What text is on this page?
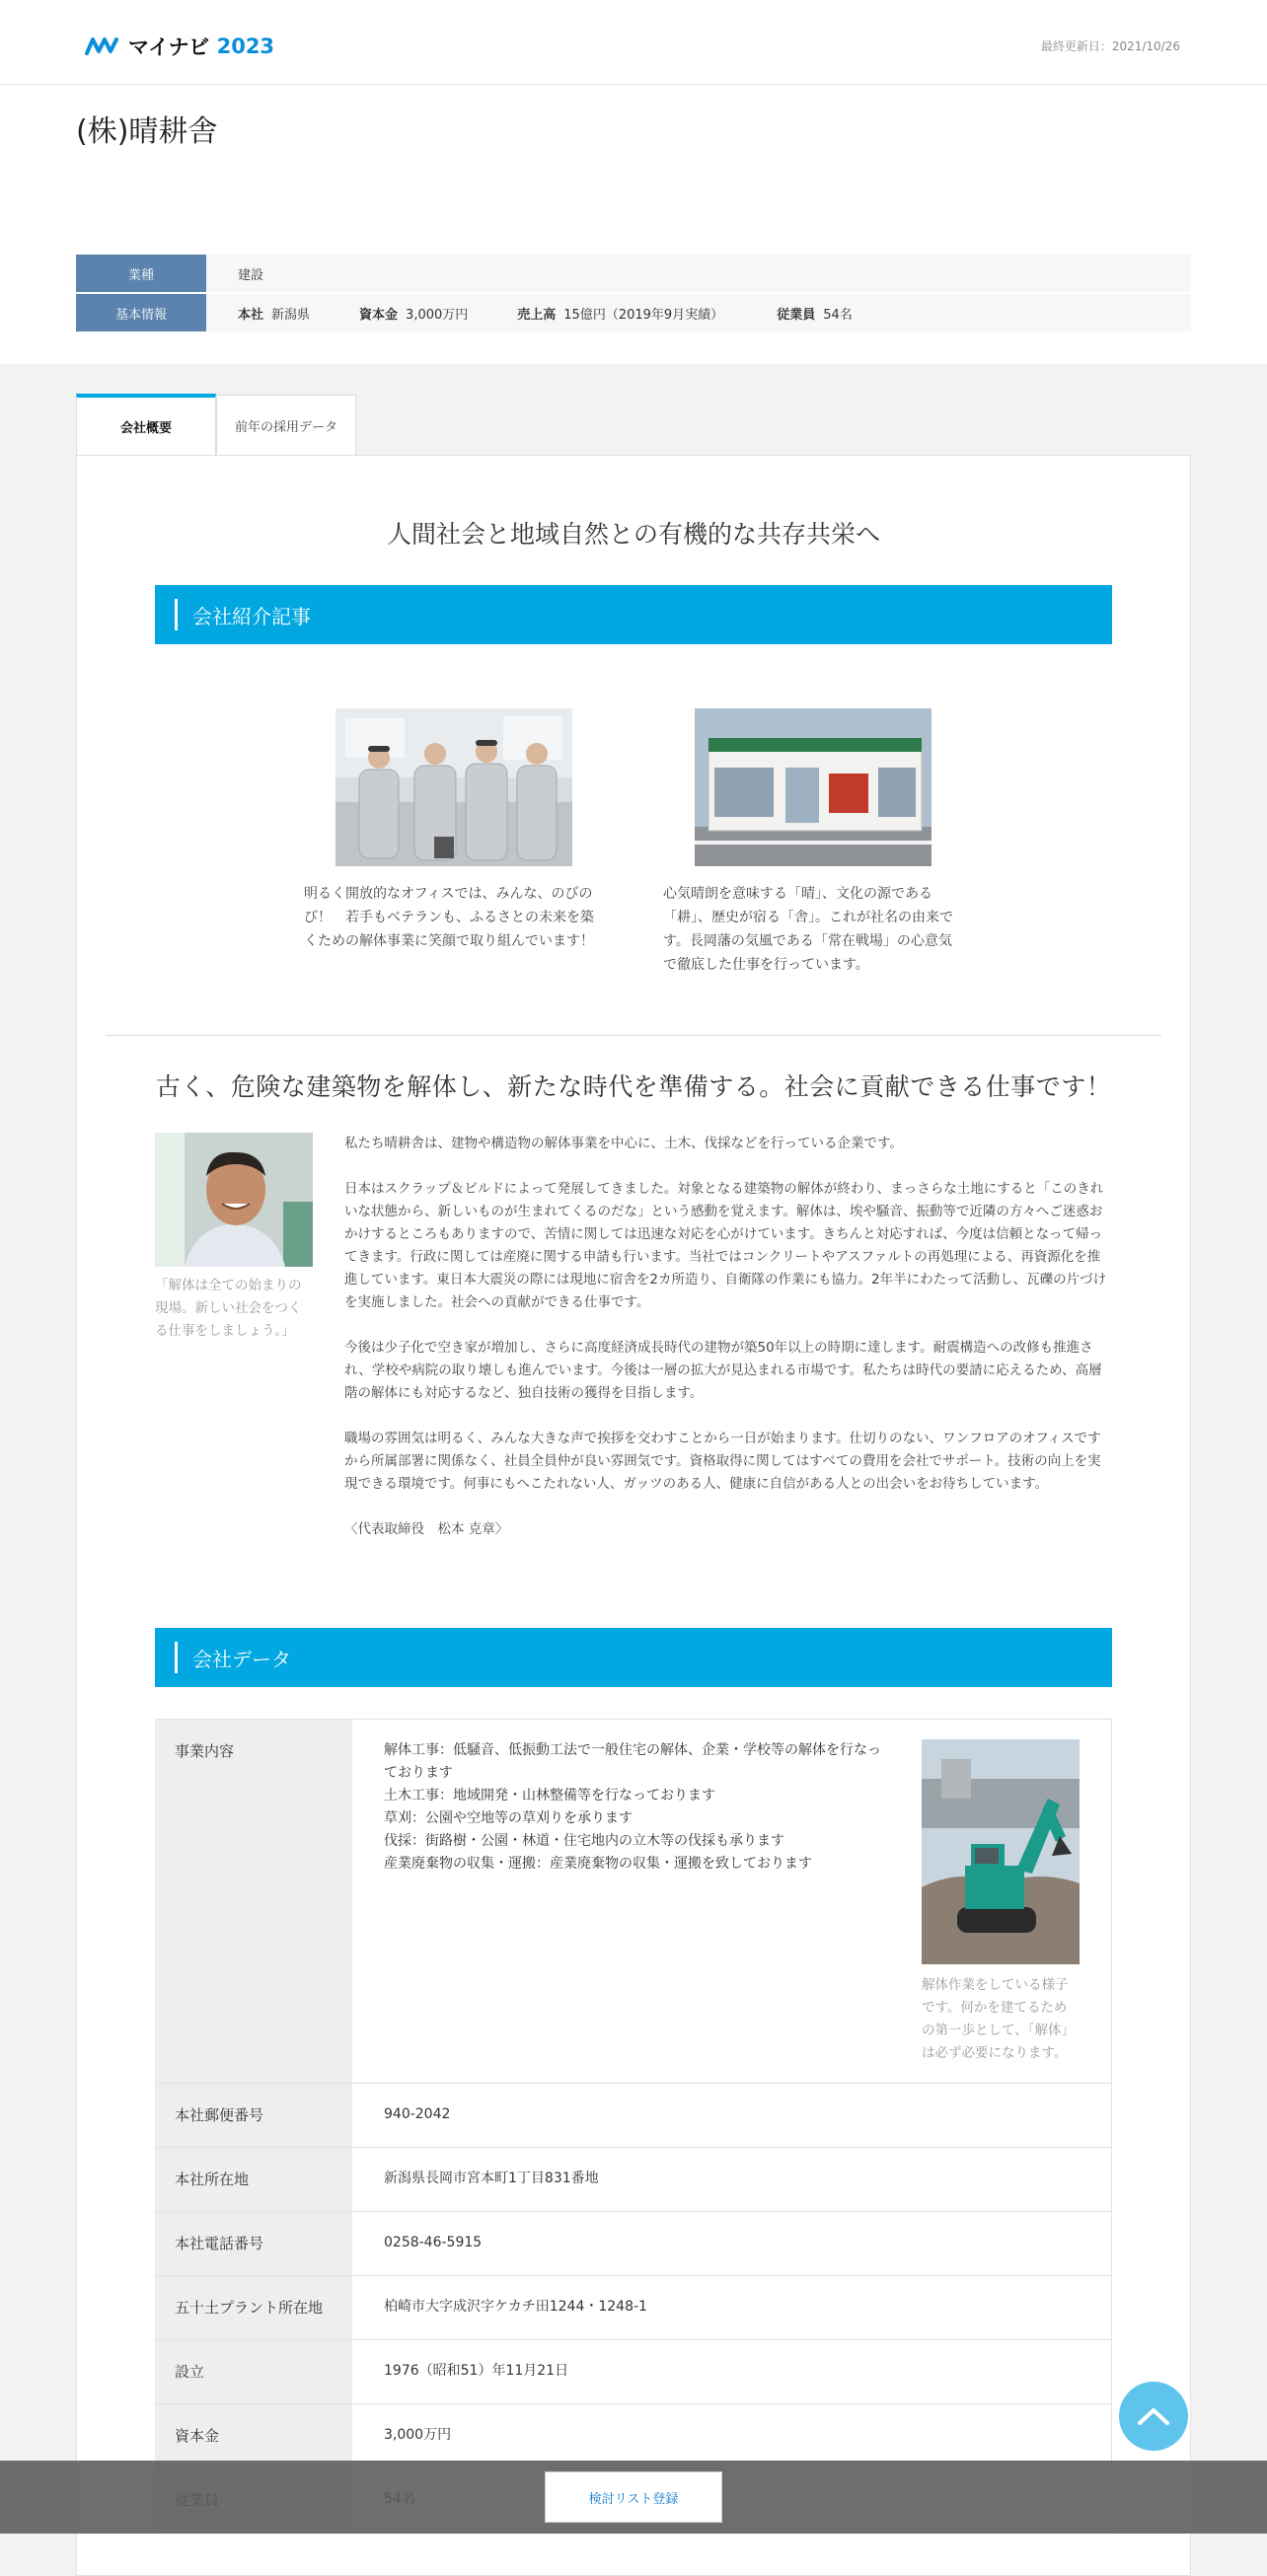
マイナビ 2023	最終更新日：2021/10/26
(株)晴耕舎
業種	建設
基本情報	本社 新潟県	資本金 3,000万円	売上高 15億円（2019年9月実績）	従業員 54名
会社概要	前年の採用データ
人間社会と地域自然との有機的な共存共栄へ
会社紹介記事
明るく開放的なオフィスでは、みんな、のびのび！　若手もベテランも、ふるさとの未来を築くための解体事業に笑顔で取り組んでいます！
心気晴朗を意味する「晴」、文化の源である「耕」、歴史が宿る「舎」。これが社名の由来です。長岡藩の気風である「常在戦場」の心意気で徹底した仕事を行っています。
古く、危険な建築物を解体し、新たな時代を準備する。社会に貢献できる仕事です！
「解体は全ての始まりの現場。新しい社会をつくる仕事をしましょう。」

私たち晴耕舎は、建物や構造物の解体事業を中心に、土木、伐採などを行っている企業です。

日本はスクラップ＆ビルドによって発展してきました。対象となる建築物の解体が終わり、まっさらな土地にすると「このきれいな状態から、新しいものが生まれてくるのだな」という感動を覚えます。解体は、埃や騒音、振動等で近隣の方々へご迷惑おかけするところもありますので、苦情に関しては迅速な対応を心がけています。きちんと対応すれば、今度は信頼となって帰ってきます。行政に関しては産廃に関する申請も行います。当社ではコンクリートやアスファルトの再処理による、再資源化を推進しています。東日本大震災の際には現地に宿舎を2カ所造り、自衛隊の作業にも協力。2年半にわたって活動し、瓦礫の片づけを実施しました。社会への貢献ができる仕事です。

今後は少子化で空き家が増加し、さらに高度経済成長時代の建物が築50年以上の時期に達します。耐震構造への改修も推進され、学校や病院の取り壊しも進んでいます。今後は一層の拡大が見込まれる市場です。私たちは時代の要請に応えるため、高層階の解体にも対応するなど、独自技術の獲得を目指します。

職場の雰囲気は明るく、みんな大きな声で挨拶を交わすことから一日が始まります。仕切りのない、ワンフロアのオフィスですから所属部署に関係なく、社員全員仲が良い雰囲気です。資格取得に関してはすべての費用を会社でサポート。技術の向上を実現できる環境です。何事にもへこたれない人、ガッツのある人、健康に自信がある人との出会いをお待ちしています。

〈代表取締役　松本 克章〉

会社データ
事業内容	解体工事：低騒音、低振動工法で一般住宅の解体、企業・学校等の解体を行なっております
土木工事：地域開発・山林整備等を行なっております
草刈：公園や空地等の草刈りを承ります
伐採：街路樹・公園・林道・住宅地内の立木等の伐採も承ります
産業廃棄物の収集・運搬：産業廃棄物の収集・運搬を致しております
解体作業をしている様子です。何かを建てるための第一歩として、「解体」は必ず必要になります。
本社郵便番号	940-2042
本社所在地	新潟県長岡市宮本町1丁目831番地
本社電話番号	0258-46-5915
五十土プラント所在地	柏崎市大字成沢字ケカチ田1244・1248-1
設立	1976（昭和51）年11月21日
資本金	3,000万円
検討リスト登録
